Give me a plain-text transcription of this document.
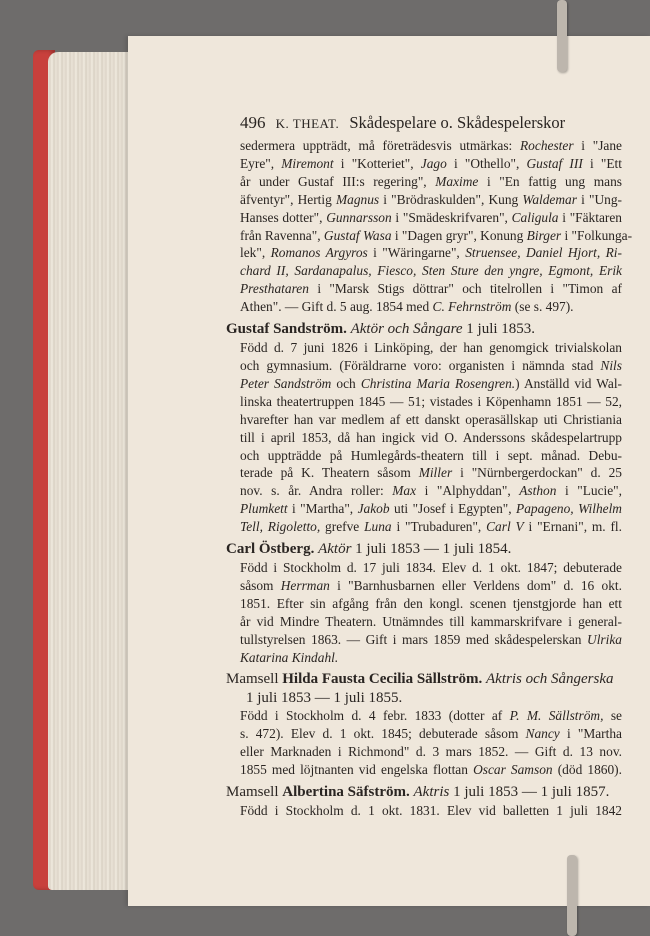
496 K. THEAT. Skådespelare o. Skådespelerskor
sedermera uppträdt, må företrädesvis utmärkas: Rochester i "Jane
Eyre", Miremont i "Kotteriet", Jago i "Othello", Gustaf III i "Ett
år under Gustaf III:s regering", Maxime i "En fattig ung mans
äfventyr", Hertig Magnus i "Brödraskulden", Kung Waldemar i "Ung-
Hanses dotter", Gunnarsson i "Smädeskrifvaren", Caligula i "Fäktaren
från Ravenna", Gustaf Wasa i "Dagen gryr", Konung Birger i "Folkunga-
lek", Romanos Argyros i "Wäringarne", Struensee, Daniel Hjort, Ri-
chard II, Sardanapalus, Fiesco, Sten Sture den yngre, Egmont, Erik
Presthataren i "Marsk Stigs döttrar" och titelrollen i "Timon af
Athen". — Gift d. 5 aug. 1854 med C. Fehrnström (se s. 497).
Gustaf Sandström. Aktör och Sångare 1 juli 1853.
Född d. 7 juni 1826 i Linköping, der han genomgick trivialskolan
och gymnasium. (Föräldrarne voro: organisten i nämnda stad Nils
Peter Sandström och Christina Maria Rosengren.) Anställd vid Wal-
linska theatertruppen 1845 — 51; vistades i Köpenhamn 1851 — 52,
hvarefter han var medlem af ett danskt operasällskap uti Christiania
till i april 1853, då han ingick vid O. Anderssons skådespelartrupp
och uppträdde på Humlegårds-theatern till i sept. månad. Debu-
terade på K. Theatern såsom Miller i "Nürnbergerdockan" d. 25
nov. s. år. Andra roller: Max i "Alphyddan", Asthon i "Lucie",
Plumkett i "Martha", Jakob uti "Josef i Egypten", Papageno, Wilhelm
Tell, Rigoletto, grefve Luna i "Trubaduren", Carl V i "Ernani", m. fl.
Carl Östberg. Aktör 1 juli 1853 — 1 juli 1854.
Född i Stockholm d. 17 juli 1834. Elev d. 1 okt. 1847; debuterade
såsom Herrman i "Barnhusbarnen eller Verldens dom" d. 16 okt.
1851. Efter sin afgång från den kongl. scenen tjenstgjorde han ett
år vid Mindre Theatern. Utnämndes till kammarskrifvare i general-
tullstyrelsen 1863. — Gift i mars 1859 med skådespelerskan Ulrika
Katarina Kindahl.
Mamsell Hilda Fausta Cecilia Sällström. Aktris och Sångerska
1 juli 1853 — 1 juli 1855.
Född i Stockholm d. 4 febr. 1833 (dotter af P. M. Sällström, se
s. 472). Elev d. 1 okt. 1845; debuterade såsom Nancy i "Martha
eller Marknaden i Richmond" d. 3 mars 1852. — Gift d. 13 nov.
1855 med löjtnanten vid engelska flottan Oscar Samson (död 1860).
Mamsell Albertina Säfström. Aktris 1 juli 1853 — 1 juli 1857.
Född i Stockholm d. 1 okt. 1831. Elev vid balletten 1 juli 1842
